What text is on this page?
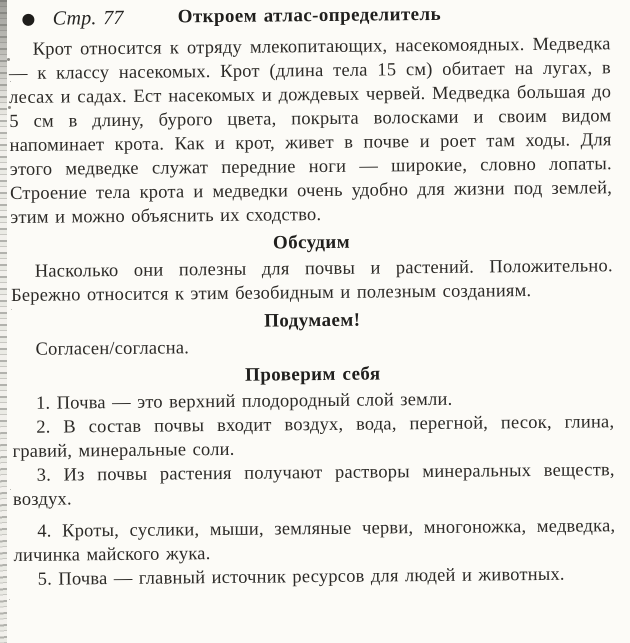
Стр. 77	Откроем атлас-определитель

Крот относится к отряду млекопитающих, насекомоядных. Медведка — к классу насекомых. Крот (длина тела 15 см) обитает на лугах, в лесах и садах. Ест насекомых и дождевых червей. Медведка большая до 5 см в длину, бурого цвета, покрыта волосками и своим видом напоминает крота. Как и крот, живет в почве и роет там ходы. Для этого медведке служат передние ноги — широкие, словно лопаты. Строение тела крота и медведки очень удобно для жизни под землей, этим и можно объяснить их сходство.

Обсудим

Насколько они полезны для почвы и растений. Положительно. Бережно относится к этим безобидным и полезным созданиям.

Подумаем!

Согласен/согласна.

Проверим себя

1. Почва — это верхний плодородный слой земли.

2. В состав почвы входит воздух, вода, перегной, песок, глина, гравий, минеральные соли.

3. Из почвы растения получают растворы минеральных веществ, воздух.

4. Кроты, суслики, мыши, земляные черви, многоножка, медведка, личинка майского жука.

5. Почва — главный источник ресурсов для людей и животных.
